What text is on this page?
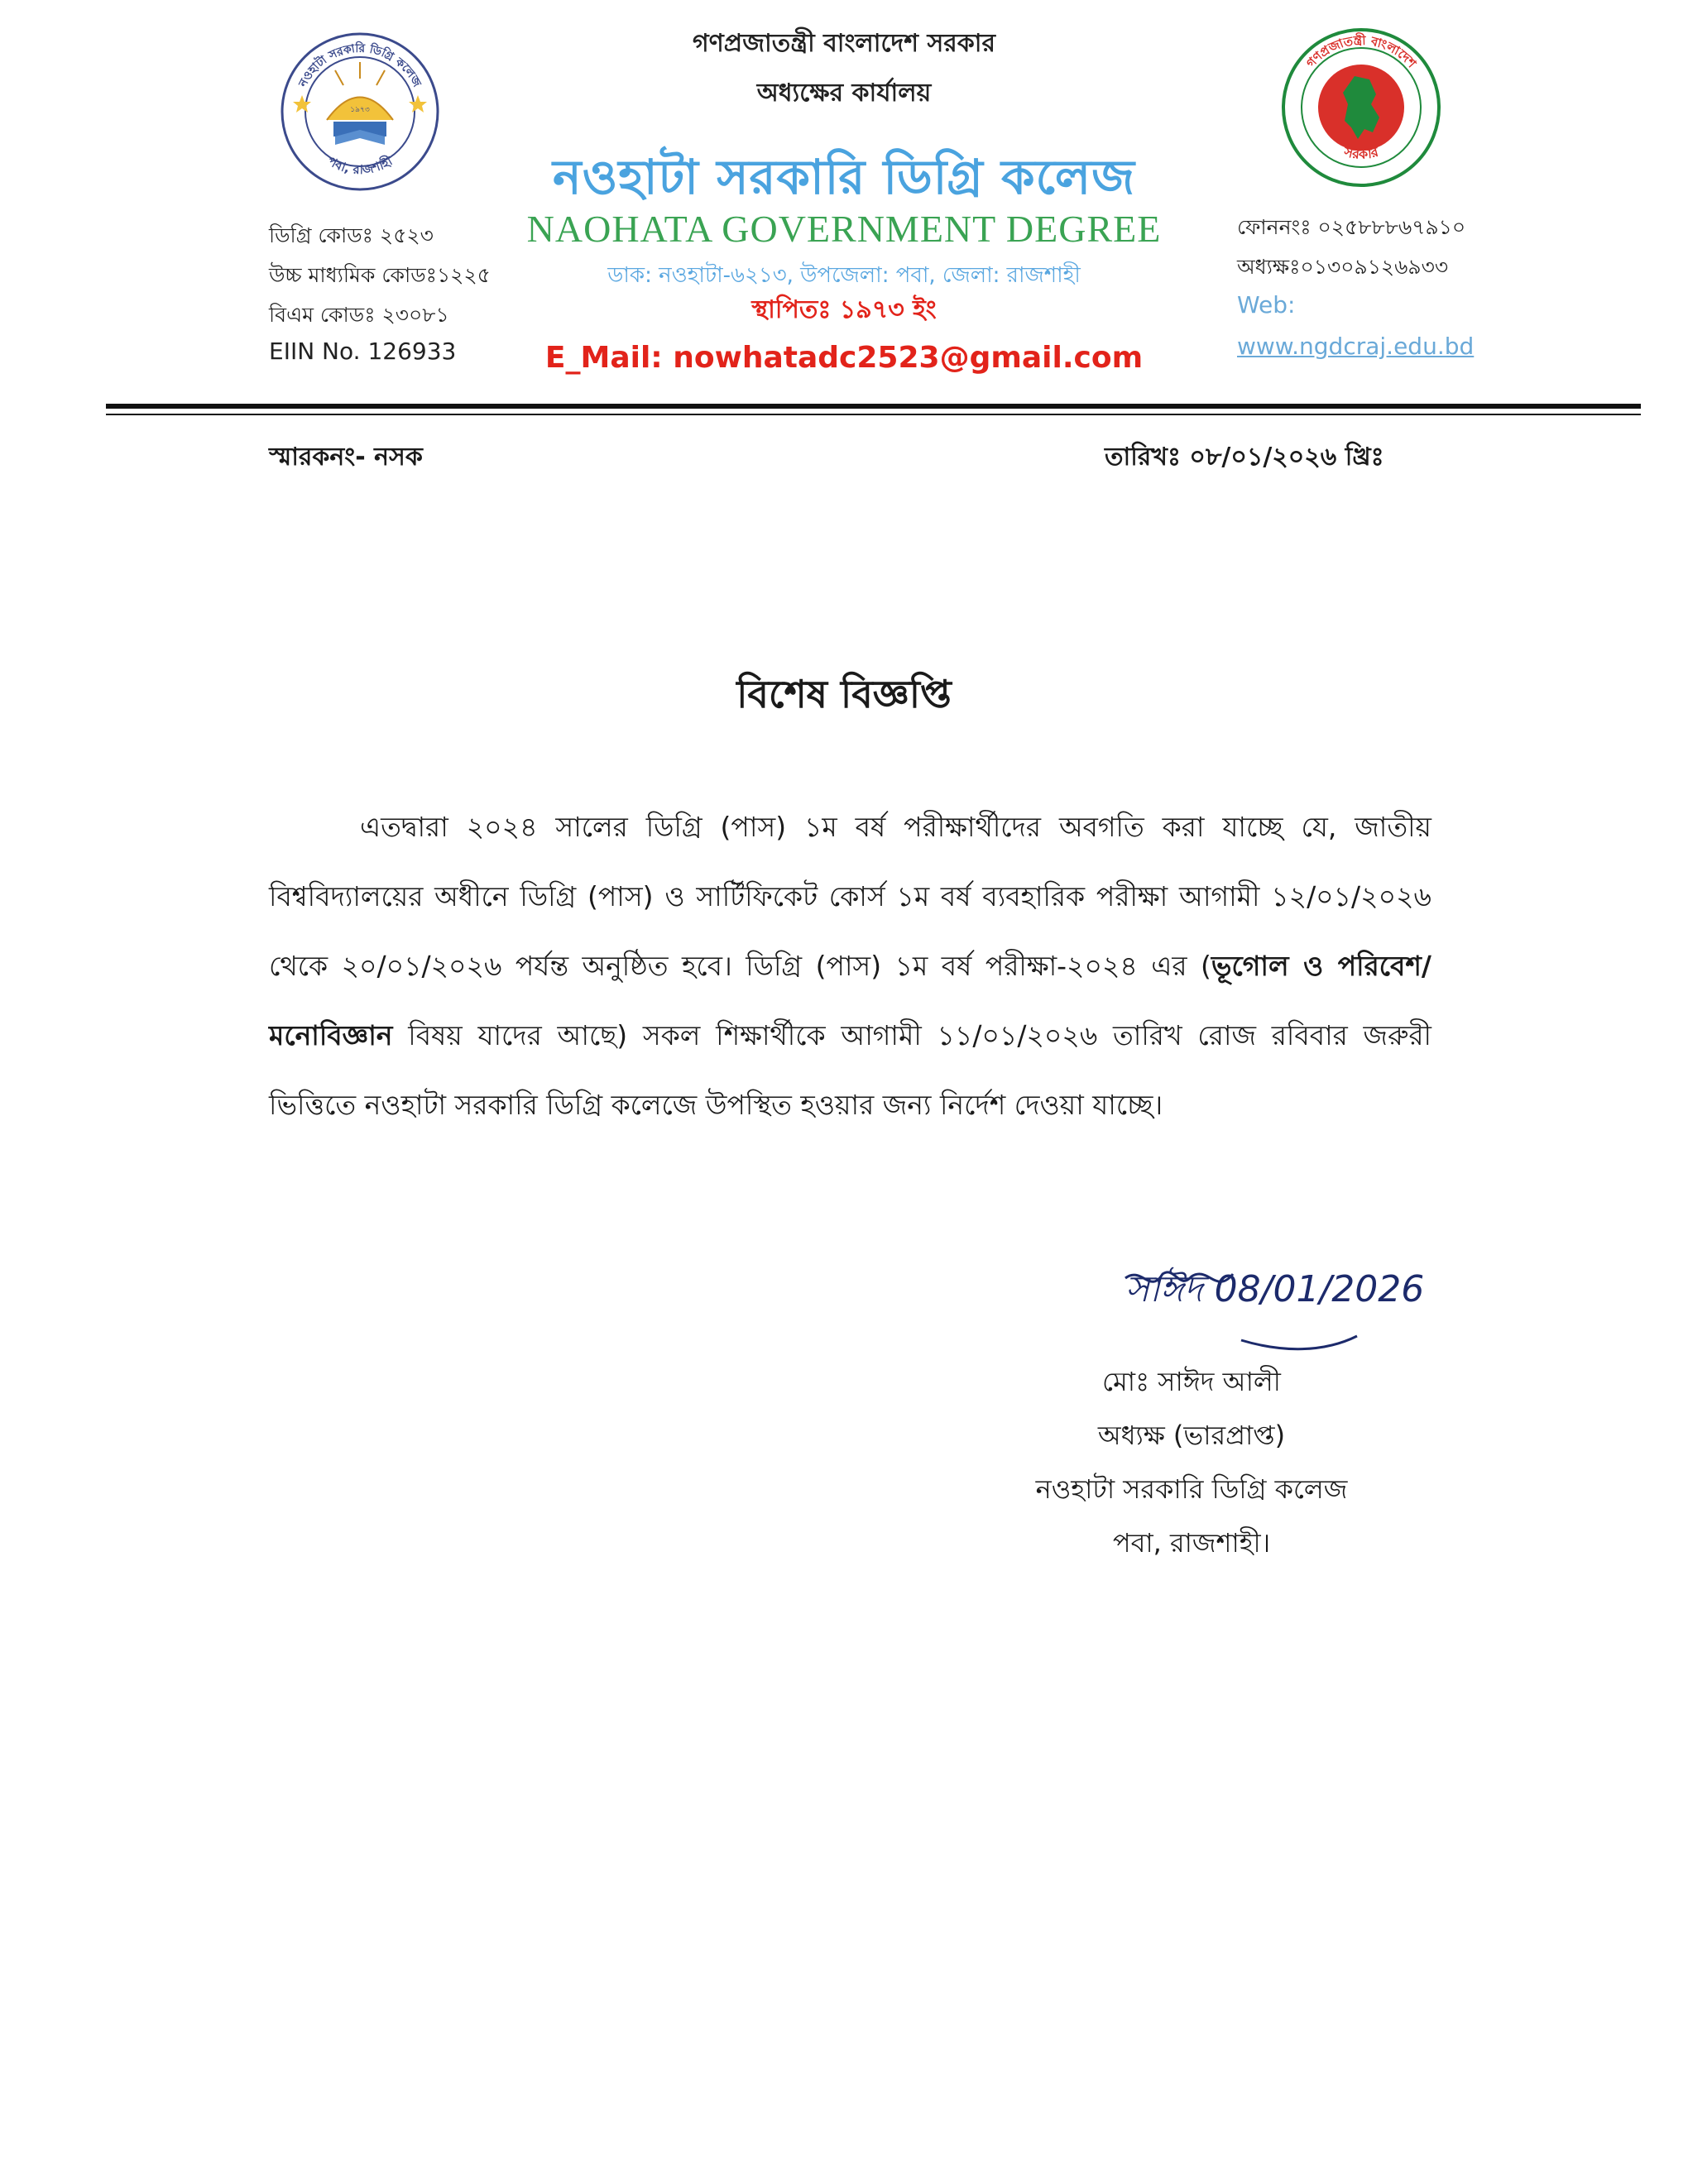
১৯৭৩
নওহাটা সরকারি ডিগ্রি কলেজ
পবা, রাজশাহী
গণপ্রজাতন্ত্রী বাংলাদেশ
সরকার
গণপ্রজাতন্ত্রী বাংলাদেশ সরকার
অধ্যক্ষের কার্যালয়
নওহাটা সরকারি ডিগ্রি কলেজ
NAOHATA GOVERNMENT DEGREE
ডাক: নওহাটা-৬২১৩, উপজেলা: পবা, জেলা: রাজশাহী
স্থাপিতঃ ১৯৭৩ ইং
E_Mail: nowhatadc2523@gmail.com
ডিগ্রি কোডঃ ২৫২৩
উচ্চ মাধ্যমিক কোডঃ১২২৫
বিএম কোডঃ ২৩০৮১
EIIN No. 126933
ফোননংঃ ০২৫৮৮৮৬৭৯১০
অধ্যক্ষঃ০১৩০৯১২৬৯৩৩
Web:
www.ngdcraj.edu.bd
স্মারকনং- নসক	তারিখঃ ০৮/০১/২০২৬ খ্রিঃ
বিশেষ বিজ্ঞপ্তি
এতদ্বারা ২০২৪ সালের ডিগ্রি (পাস) ১ম বর্ষ পরীক্ষার্থীদের অবগতি করা যাচ্ছে যে, জাতীয় বিশ্ববিদ্যালয়ের অধীনে ডিগ্রি (পাস) ও সার্টিফিকেট কোর্স ১ম বর্ষ ব্যবহারিক পরীক্ষা আগামী ১২/০১/২০২৬ থেকে ২০/০১/২০২৬ পর্যন্ত অনুষ্ঠিত হবে। ডিগ্রি (পাস) ১ম বর্ষ পরীক্ষা-২০২৪ এর (ভূগোল ও পরিবেশ/ মনোবিজ্ঞান বিষয় যাদের আছে) সকল শিক্ষার্থীকে আগামী ১১/০১/২০২৬ তারিখ রোজ রবিবার জরুরী ভিত্তিতে নওহাটা সরকারি ডিগ্রি কলেজে উপস্থিত হওয়ার জন্য নির্দেশ দেওয়া যাচ্ছে।
সাঈদ 08/01/2026
মোঃ সাঈদ আলী
অধ্যক্ষ (ভারপ্রাপ্ত)
নওহাটা সরকারি ডিগ্রি কলেজ
পবা, রাজশাহী।
